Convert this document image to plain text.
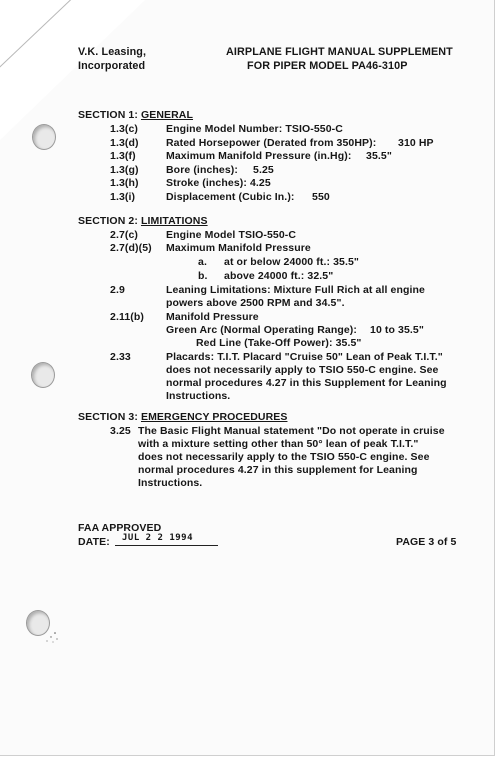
V.K. Leasing,
Incorporated
AIRPLANE FLIGHT MANUAL SUPPLEMENT
FOR PIPER MODEL PA46-310P
SECTION 1: GENERAL
1.3(c)	Engine Model Number: TSIO-550-C
1.3(d)	Rated Horsepower (Derated from 350HP): 310 HP
1.3(f)	Maximum Manifold Pressure (in.Hg): 35.5"
1.3(g)	Bore (inches): 5.25
1.3(h)	Stroke (inches): 4.25
1.3(i)	Displacement (Cubic In.): 550
SECTION 2: LIMITATIONS
2.7(c)	Engine Model TSIO-550-C
2.7(d)(5) Maximum Manifold Pressure
a. at or below 24000 ft.: 35.5"
b. above 24000 ft.: 32.5"
2.9	Leaning Limitations: Mixture Full Rich at all engine
powers above 2500 RPM and 34.5".
2.11(b) Manifold Pressure
Green Arc (Normal Operating Range): 10 to 35.5"
Red Line (Take-Off Power): 35.5"
2.33	Placards: T.I.T. Placard "Cruise 50" Lean of Peak T.I.T."
does not necessarily apply to TSIO 550-C engine. See
normal procedures 4.27 in this Supplement for Leaning
Instructions.
SECTION 3: EMERGENCY PROCEDURES
3.25 The Basic Flight Manual statement "Do not operate in cruise
with a mixture setting other than 50° lean of peak T.I.T."
does not necessarily apply to the TSIO 550-C engine. See
normal procedures 4.27 in this supplement for Leaning
Instructions.
FAA APPROVED
DATE: JUL 2 2 1994	PAGE 3 of 5
